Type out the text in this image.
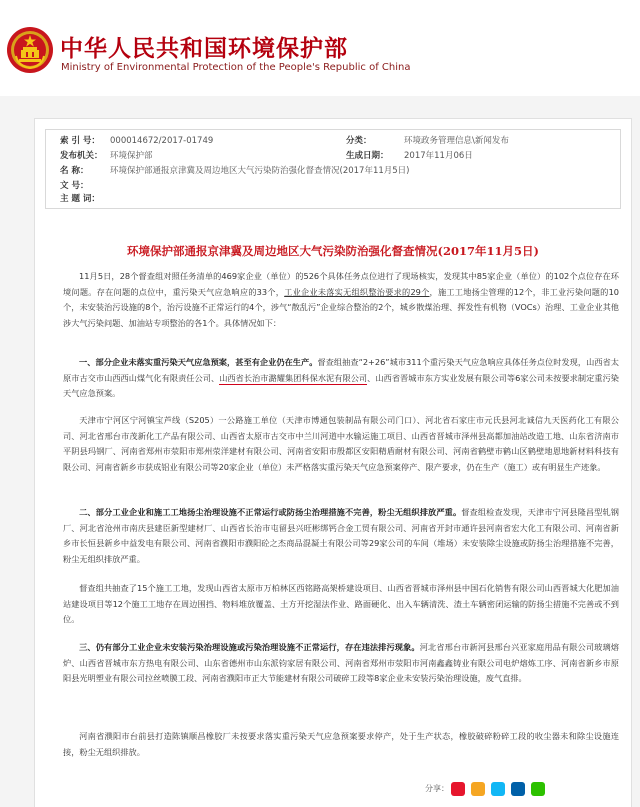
中华人民共和国环境保护部
Ministry of Environmental Protection of the People's Republic of China
索 引 号： 000014672/2017-01749	分类：	环境政务管理信息\新闻发布
发布机关： 环境保护部	生成日期： 2017年11月06日
名 称：	环境保护部通报京津冀及周边地区大气污染防治强化督查情况(2017年11月5日)
文 号：
主 题 词：
环境保护部通报京津冀及周边地区大气污染防治强化督查情况(2017年11月5日)
11月5日，28个督查组对照任务清单的469家企业（单位）的526个具体任务点位进行了现场核实，发现其中85家企业（单位）的102个点位存在环境问题。存在问题的点位中，重污染天气应急响应的33个，工业企业未落实无组织整治要求的29个，施工工地扬尘管理的12个，非工业污染问题的10个，未安装治污设施的8个，治污设施不正常运行的4个，涉气“散乱污”企业综合整治的2个，城乡散煤治理、挥发性有机物（VOCs）治理、工业企业其他涉大气污染问题、加油站专项整治的各1个。具体情况如下：
一、部分企业未落实重污染天气应急预案，甚至有企业仍在生产。督查组抽查“2+26”城市311个重污染天气应急响应具体任务点位时发现，山西省太原市古交市山西西山煤气化有限责任公司、山西省长治市潞耀集团科保水泥有限公司、山西省晋城市东方实业发展有限公司等6家公司未按要求制定重污染天气应急预案。
天津市宁河区宁河镇宝芦线（S205）一公路施工单位（天津市博通包装制品有限公司门口）、河北省石家庄市元氏县河北诚信九天医药化工有限公司、河北省邢台市茂新化工产品有限公司、山西省太原市古交市中兰川河道中水输运施工项目、山西省晋城市泽州县高都加油站改造工地、山东省济南市平阴县玛钢厂、河南省郑州市荥阳市郑州荥洋建材有限公司、河南省安阳市殷都区安阳精盾耐材有限公司、河南省鹤壁市鹤山区鹤壁地恩地新材料科技有限公司、河南省新乡市获成铝业有限公司等20家企业（单位）未严格落实重污染天气应急预案停产、限产要求，仍在生产（施工）或有明显生产迹象。
二、部分工业企业和施工工地扬尘治理设施不正常运行或防扬尘治理措施不完善，粉尘无组织排放严重。督查组检查发现，天津市宁河县隆昌型轧钢厂、河北省沧州市南庆县建臣新型建材厂、山西省长治市屯留县兴旺彬绑钙合金工贸有限公司、河南省开封市通许县河南省宏大化工有限公司、河南省新乡市长恒县新乡中益发电有限公司、河南省濮阳市濮阳砼之杰商品混凝土有限公司等29家公司的车间（堆场）未安装除尘设施或防扬尘治理措施不完善，粉尘无组织排放严重。
督查组共抽查了15个施工工地，发现山西省太原市万柏林区西铭路高架桥建设项目、山西省晋城市泽州县中国石化销售有限公司山西晋城大化肥加油站建设项目等12个施工工地存在周边围挡、物料堆放覆盖、土方开挖湿法作业、路面硬化、出入车辆清洗、渣土车辆密闭运输的防扬尘措施不完善或不到位。
三、仍有部分工业企业未安装污染治理设施或污染治理设施不正常运行，存在违法排污现象。河北省邢台市新河县邢台兴亚家庭用品有限公司玻璃熔炉、山西省晋城市东方热电有限公司、山东省德州市山东派钧家居有限公司、河南省郑州市荥阳市河南鑫鑫铸业有限公司电炉熔炼工序、河南省新乡市原阳县光明塑业有限公司拉丝喷膜工段、河南省濮阳市正大节能建材有限公司破碎工段等8家企业未安装污染治理设施，废气直排。
河南省濮阳市台前县打造陈镇顺昌橡胶厂未按要求落实重污染天气应急预案要求停产，处于生产状态，橡胶破碎粉碎工段的收尘器未和除尘设施连接，粉尘无组织排放。
分享：
